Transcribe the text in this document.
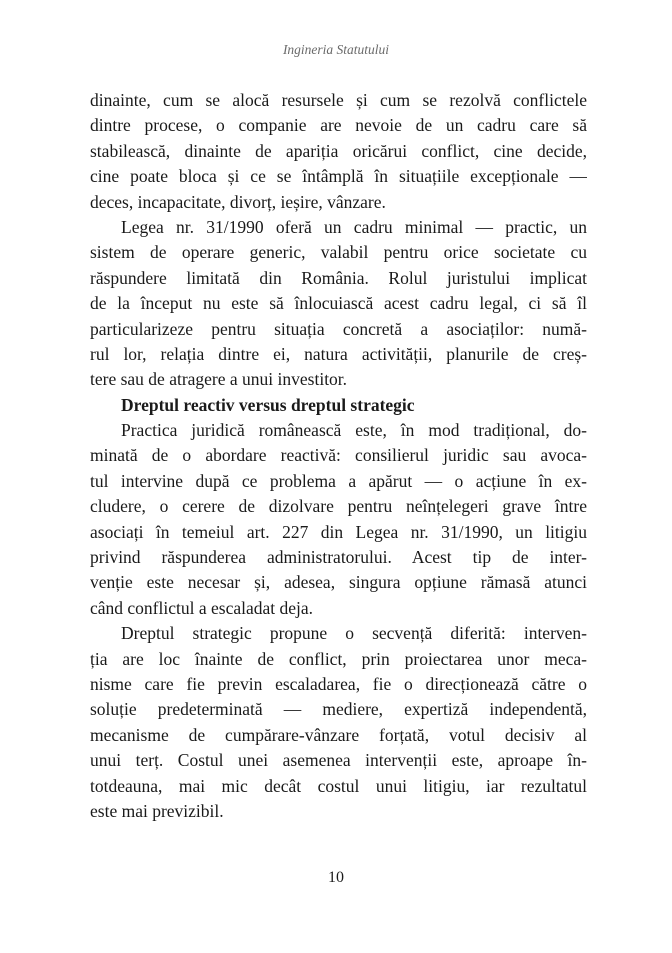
Ingineria Statutului
dinainte, cum se alocă resursele și cum se rezolvă conflictele
dintre procese, o companie are nevoie de un cadru care să
stabilească, dinainte de apariția oricărui conflict, cine decide,
cine poate bloca și ce se întâmplă în situațiile excepționale —
deces, incapacitate, divorț, ieșire, vânzare.
Legea nr. 31/1990 oferă un cadru minimal — practic, un
sistem de operare generic, valabil pentru orice societate cu
răspundere limitată din România. Rolul juristului implicat
de la început nu este să înlocuiască acest cadru legal, ci să îl
particularizeze pentru situația concretă a asociaților: numă-
rul lor, relația dintre ei, natura activității, planurile de creș-
tere sau de atragere a unui investitor.
Dreptul reactiv versus dreptul strategic
Practica juridică românească este, în mod tradițional, do-
minată de o abordare reactivă: consilierul juridic sau avoca-
tul intervine după ce problema a apărut — o acțiune în ex-
cludere, o cerere de dizolvare pentru neînțelegeri grave între
asociați în temeiul art. 227 din Legea nr. 31/1990, un litigiu
privind răspunderea administratorului. Acest tip de inter-
venție este necesar și, adesea, singura opțiune rămasă atunci
când conflictul a escaladat deja.
Dreptul strategic propune o secvență diferită: interven-
ția are loc înainte de conflict, prin proiectarea unor meca-
nisme care fie previn escaladarea, fie o direcționează către o
soluție predeterminată — mediere, expertiză independentă,
mecanisme de cumpărare-vânzare forțată, votul decisiv al
unui terț. Costul unei asemenea intervenții este, aproape în-
totdeauna, mai mic decât costul unui litigiu, iar rezultatul
este mai previzibil.
10
